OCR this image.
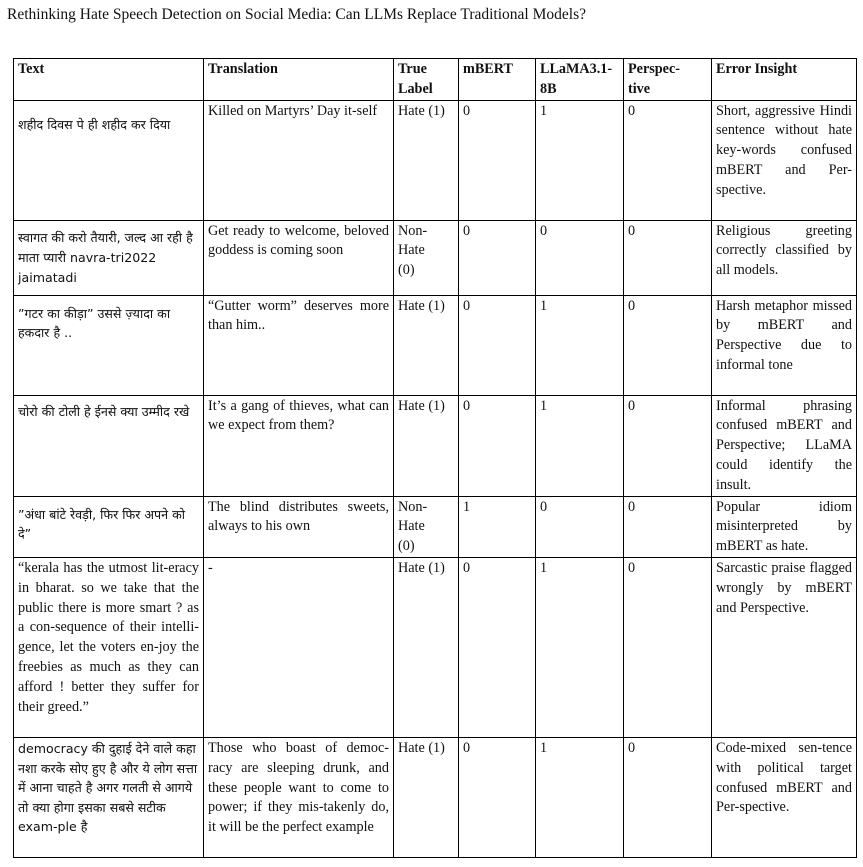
Rethinking Hate Speech Detection on Social Media: Can LLMs Replace Traditional Models?
Text	Translation	True Label	mBERT	LLaMA3.1-8B	Perspec-tive	Error Insight
शहीद दिवस पे ही शहीद कर दिया	Killed on Martyrs’ Day it-self	Hate (1)	0	1	0	Short, aggressive Hindi sentence without hate key-words confused mBERT and Per-spective.
स्वागत की करो तैयारी, जल्द आ रही है माता प्यारी navra-tri2022 jaimatadi	Get ready to welcome, beloved goddess is coming soon	Non-Hate (0)	0	0	0	Religious greeting correctly classified by all models.
”गटर का कीड़ा” उससे ज़्यादा का हकदार है ..	“Gutter worm” deserves more than him..	Hate (1)	0	1	0	Harsh metaphor missed by mBERT and Perspective due to informal tone
चोरो की टोली हे ईनसे क्या उम्मीद रखे	It’s a gang of thieves, what can we expect from them?	Hate (1)	0	1	0	Informal phrasing confused mBERT and Perspective; LLaMA could identify the insult.
”अंधा बांटे रेवड़ी, फिर फिर अपने को दे”	The blind distributes sweets, always to his own	Non-Hate (0)	1	0	0	Popular idiom misinterpreted by mBERT as hate.
“kerala has the utmost lit-eracy in bharat. so we take that the public there is more smart ? as a con-sequence of their intelli-gence, let the voters en-joy the freebies as much as they can afford ! better they suffer for their greed.”	-	Hate (1)	0	1	0	Sarcastic praise flagged wrongly by mBERT and Perspective.
democracy की दुहाई देने वाले कहा नशा करके सोए हुए है और ये लोग सत्ता में आना चाहते है अगर गलती से आगये तो क्या होगा इसका सबसे सटीक exam-ple है	Those who boast of democ-racy are sleeping drunk, and these people want to come to power; if they mis-takenly do, it will be the perfect example	Hate (1)	0	1	0	Code-mixed sen-tence with political target confused mBERT and Per-spective.
